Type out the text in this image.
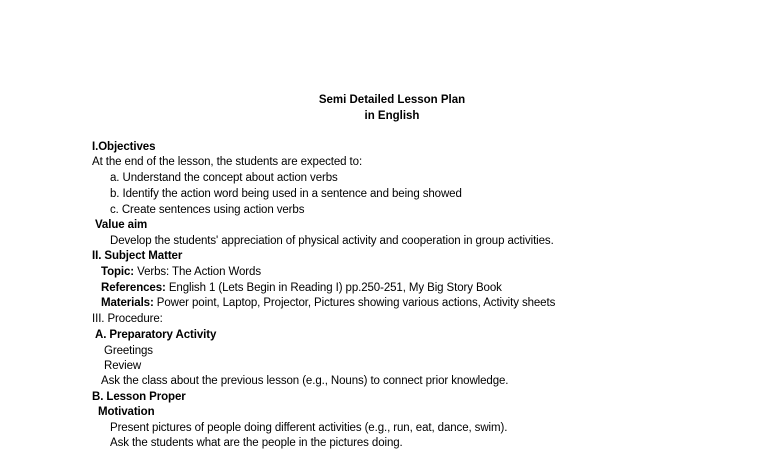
Semi Detailed Lesson Plan
in English
I.Objectives
At the end of the lesson, the students are expected to:
a. Understand the concept about action verbs
b. Identify the action word being used in a sentence and being showed
c. Create sentences using action verbs
Value aim
Develop the students' appreciation of physical activity and cooperation in group activities.
II. Subject Matter
Topic: Verbs: The Action Words
References: English 1 (Lets Begin in Reading I) pp.250-251, My Big Story Book
Materials: Power point, Laptop, Projector, Pictures showing various actions, Activity sheets
III. Procedure:
A. Preparatory Activity
Greetings
Review
Ask the class about the previous lesson (e.g., Nouns) to connect prior knowledge.
B. Lesson Proper
Motivation
Present pictures of people doing different activities (e.g., run, eat, dance, swim).
Ask the students what are the people in the pictures doing.
